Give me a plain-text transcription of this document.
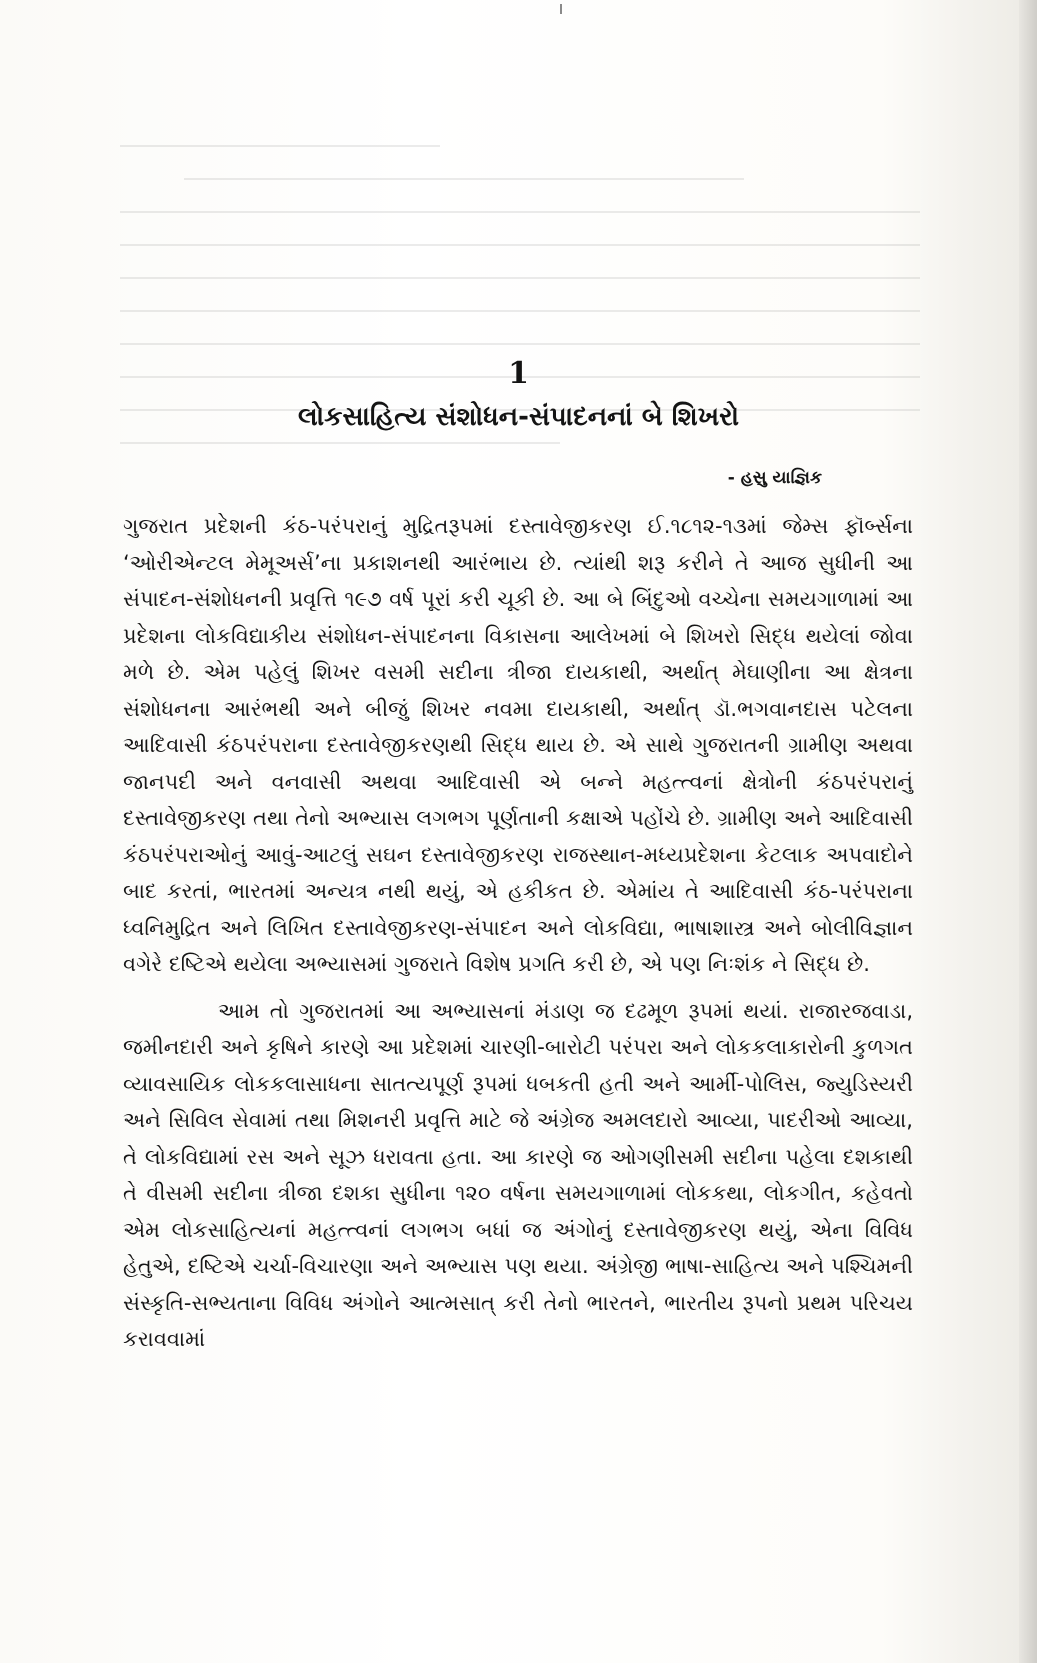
1
લોકસાહિત્ય સંશોધન-સંપાદનનાં બે શિખરો
- હસુ યાજ્ઞિક

ગુજરાત પ્રદેશની કંઠ-પરંપરાનું મુદ્રિતરૂપમાં દસ્તાવેજીકરણ ઈ.૧૮૧૨-૧૩માં જેમ્સ ફૉર્બ્સના ‘ઓરીએન્ટલ મેમૂઅર્સ’ના પ્રકાશનથી આરંભાય છે. ત્યાંથી શરૂ કરીને તે આજ સુધીની આ સંપાદન-સંશોધનની પ્રવૃત્તિ ૧૯૭ વર્ષ પૂરાં કરી ચૂકી છે. આ બે બિંદુઓ વચ્ચેના સમયગાળામાં આ પ્રદેશના લોકવિદ્યાકીય સંશોધન-સંપાદનના વિકાસના આલેખમાં બે શિખરો સિદ્ધ થયેલાં જોવા મળે છે. એમ પહેલું શિખર વસમી સદીના ત્રીજા દાયકાથી, અર્થાત્ મેઘાણીના આ ક્ષેત્રના સંશોધનના આરંભથી અને બીજું શિખર નવમા દાયકાથી, અર્થાત્ ડૉ.ભગવાનદાસ પટેલના આદિવાસી કંઠપરંપરાના દસ્તાવેજીકરણથી સિદ્ધ થાય છે. એ સાથે ગુજરાતની ગ્રામીણ અથવા જાનપદી અને વનવાસી અથવા આદિવાસી એ બન્ને મહત્ત્વનાં ક્ષેત્રોની કંઠપરંપરાનું દસ્તાવેજીકરણ તથા તેનો અભ્યાસ લગભગ પૂર્ણતાની કક્ષાએ પહોંચે છે. ગ્રામીણ અને આદિવાસી કંઠપરંપરાઓનું આવું-આટલું સઘન દસ્તાવેજીકરણ રાજસ્થાન-મધ્યપ્રદેશના કેટલાક અપવાદોને બાદ કરતાં, ભારતમાં અન્યત્ર નથી થયું, એ હકીકત છે. એમાંય તે આદિવાસી કંઠ-પરંપરાના ધ્વનિમુદ્રિત અને લિખિત દસ્તાવેજીકરણ-સંપાદન અને લોકવિદ્યા, ભાષાશાસ્ત્ર અને બોલીવિજ્ઞાન વગેરે દષ્ટિએ થયેલા અભ્યાસમાં ગુજરાતે વિશેષ પ્રગતિ કરી છે, એ પણ નિઃશંક ને સિદ્ધ છે.

આમ તો ગુજરાતમાં આ અભ્યાસનાં મંડાણ જ દઢમૂળ રૂપમાં થયાં. રાજારજવાડા, જમીનદારી અને કૃષિને કારણે આ પ્રદેશમાં ચારણી-બારોટી પરંપરા અને લોકકલાકારોની કુળગત વ્યાવસાયિક લોકકલાસાધના સાતત્યપૂર્ણ રૂપમાં ધબકતી હતી અને આર્મી-પોલિસ, જ્યુડિસ્યરી અને સિવિલ સેવામાં તથા મિશનરી પ્રવૃત્તિ માટે જે અંગ્રેજ અમલદારો આવ્યા, પાદરીઓ આવ્યા, તે લોકવિદ્યામાં રસ અને સૂઝ ધરાવતા હતા. આ કારણે જ ઓગણીસમી સદીના પહેલા દશકાથી તે વીસમી સદીના ત્રીજા દશકા સુધીના ૧૨૦ વર્ષના સમયગાળામાં લોકકથા, લોકગીત, કહેવતો એમ લોકસાહિત્યનાં મહત્ત્વનાં લગભગ બધાં જ અંગોનું દસ્તાવેજીકરણ થયું, એના વિવિધ હેતુએ, દષ્ટિએ ચર્ચા-વિચારણા અને અભ્યાસ પણ થયા. અંગ્રેજી ભાષા-સાહિત્ય અને પશ્ચિમની સંસ્કૃતિ-સભ્યતાના વિવિધ અંગોને આત્મસાત્ કરી તેનો ભારતને, ભારતીય રૂપનો પ્રથમ પરિચય કરાવવામાં
